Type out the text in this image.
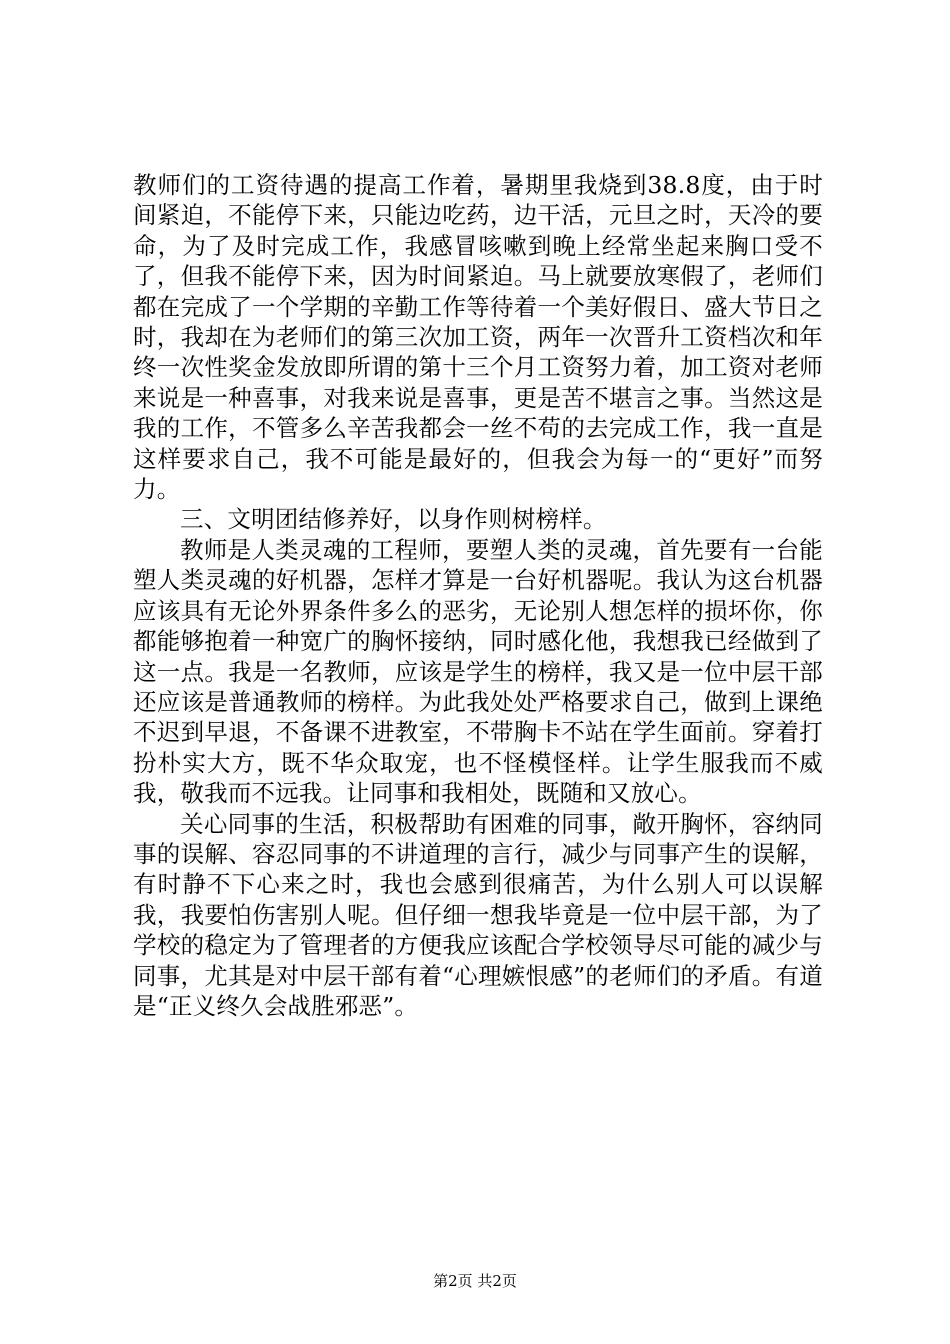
教师们的工资待遇的提高工作着，暑期里我烧到38.8度，由于时间紧迫，不能停下来，只能边吃药，边干活，元旦之时，天冷的要命，为了及时完成工作，我感冒咳嗽到晚上经常坐起来胸口受不了，但我不能停下来，因为时间紧迫。马上就要放寒假了，老师们都在完成了一个学期的辛勤工作等待着一个美好假日、盛大节日之时，我却在为老师们的第三次加工资，两年一次晋升工资档次和年终一次性奖金发放即所谓的第十三个月工资努力着，加工资对老师来说是一种喜事，对我来说是喜事，更是苦不堪言之事。当然这是我的工作，不管多么辛苦我都会一丝不苟的去完成工作，我一直是这样要求自己，我不可能是最好的，但我会为每一的“更好”而努力。

三、文明团结修养好，以身作则树榜样。

教师是人类灵魂的工程师，要塑人类的灵魂，首先要有一台能塑人类灵魂的好机器，怎样才算是一台好机器呢。我认为这台机器应该具有无论外界条件多么的恶劣，无论别人想怎样的损坏你，你都能够抱着一种宽广的胸怀接纳，同时感化他，我想我已经做到了这一点。我是一名教师，应该是学生的榜样，我又是一位中层干部还应该是普通教师的榜样。为此我处处严格要求自己，做到上课绝不迟到早退，不备课不进教室，不带胸卡不站在学生面前。穿着打扮朴实大方，既不华众取宠，也不怪模怪样。让学生服我而不威我，敬我而不远我。让同事和我相处，既随和又放心。

关心同事的生活，积极帮助有困难的同事，敞开胸怀，容纳同事的误解、容忍同事的不讲道理的言行，减少与同事产生的误解，有时静不下心来之时，我也会感到很痛苦，为什么别人可以误解我，我要怕伤害别人呢。但仔细一想我毕竟是一位中层干部，为了学校的稳定为了管理者的方便我应该配合学校领导尽可能的减少与同事，尤其是对中层干部有着“心理嫉恨感”的老师们的矛盾。有道是“正义终久会战胜邪恶”。

第2页 共2页
